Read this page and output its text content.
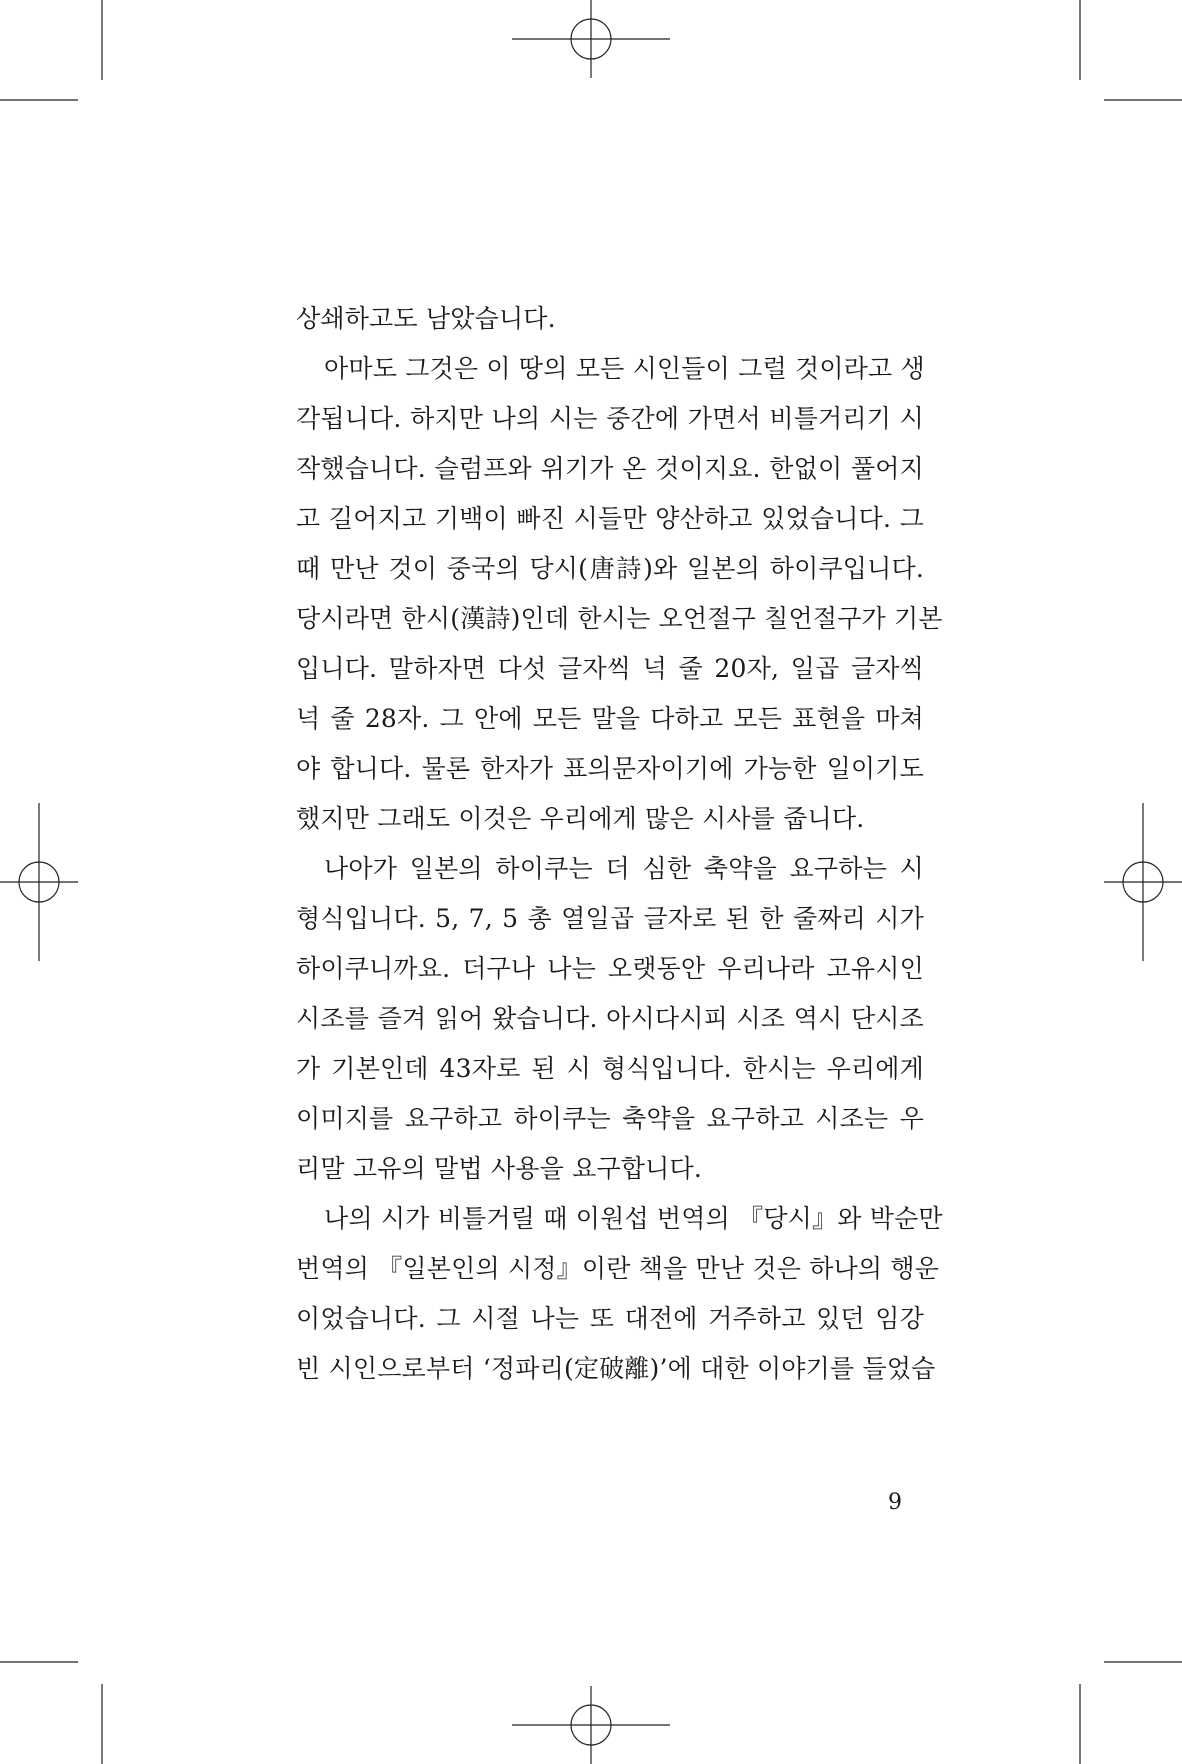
상쇄하고도 남았습니다.
아마도 그것은 이 땅의 모든 시인들이 그럴 것이라고 생
각됩니다. 하지만 나의 시는 중간에 가면서 비틀거리기 시
작했습니다. 슬럼프와 위기가 온 것이지요. 한없이 풀어지
고 길어지고 기백이 빠진 시들만 양산하고 있었습니다. 그
때 만난 것이 중국의 당시(唐詩)와 일본의 하이쿠입니다.
당시라면 한시(漢詩)인데 한시는 오언절구 칠언절구가 기본
입니다. 말하자면 다섯 글자씩 넉 줄 20자, 일곱 글자씩
넉 줄 28자. 그 안에 모든 말을 다하고 모든 표현을 마쳐
야 합니다. 물론 한자가 표의문자이기에 가능한 일이기도
했지만 그래도 이것은 우리에게 많은 시사를 줍니다.
나아가 일본의 하이쿠는 더 심한 축약을 요구하는 시
형식입니다. 5, 7, 5 총 열일곱 글자로 된 한 줄짜리 시가
하이쿠니까요. 더구나 나는 오랫동안 우리나라 고유시인
시조를 즐겨 읽어 왔습니다. 아시다시피 시조 역시 단시조
가 기본인데 43자로 된 시 형식입니다. 한시는 우리에게
이미지를 요구하고 하이쿠는 축약을 요구하고 시조는 우
리말 고유의 말법 사용을 요구합니다.
나의 시가 비틀거릴 때 이원섭 번역의 『당시』와 박순만
번역의 『일본인의 시정』이란 책을 만난 것은 하나의 행운
이었습니다. 그 시절 나는 또 대전에 거주하고 있던 임강
빈 시인으로부터 ‘정파리(定破離)’에 대한 이야기를 들었습
9
